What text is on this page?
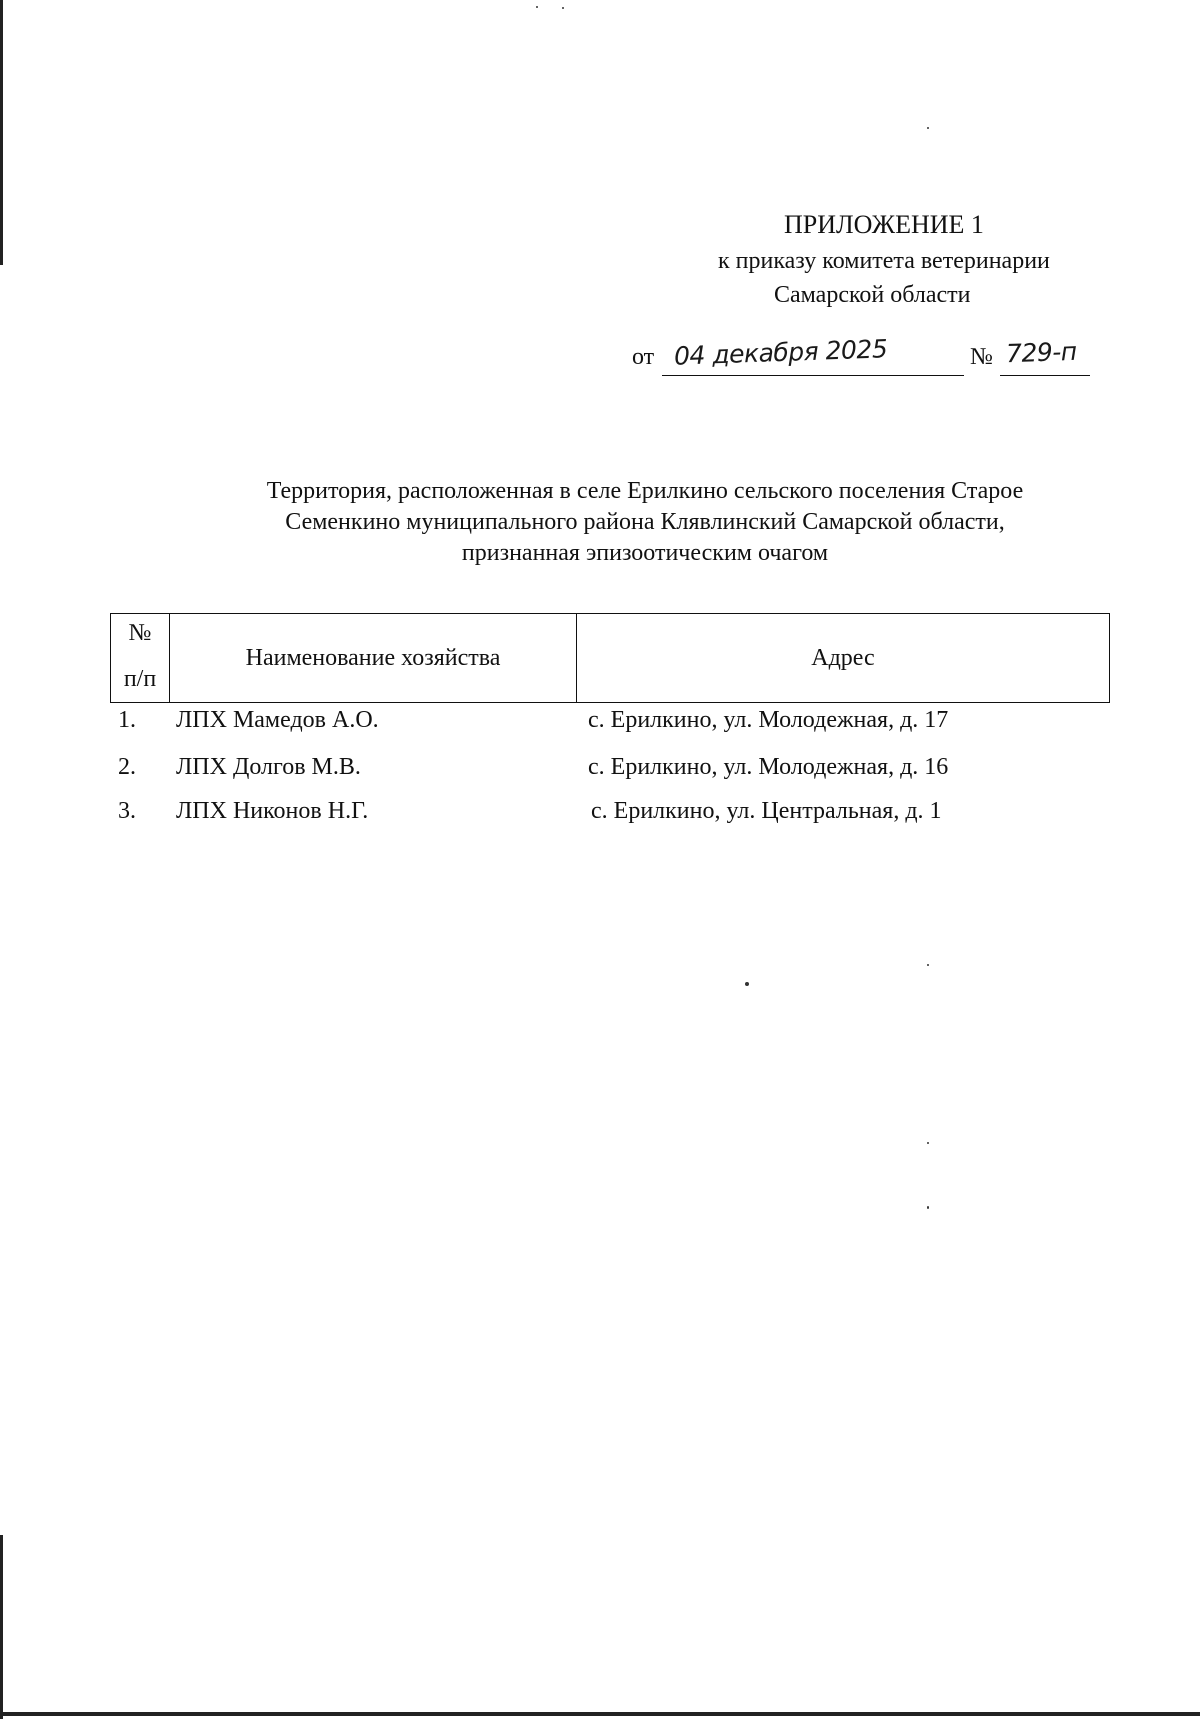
ПРИЛОЖЕНИЕ 1
к приказу комитета ветеринарии
Самарской области
от 04 декабря 2025	№ 729-п
Территория, расположенная в селе Ерилкино сельского поселения Старое
Семенкино муниципального района Клявлинский Самарской области,
признанная эпизоотическим очагом
№
п/п
Наименование хозяйства	Адрес
1. ЛПХ Мамедов А.О.	с. Ерилкино, ул. Молодежная, д. 17
2. ЛПХ Долгов М.В.	с. Ерилкино, ул. Молодежная, д. 16
3. ЛПХ Никонов Н.Г.	с. Ерилкино, ул. Центральная, д. 1
